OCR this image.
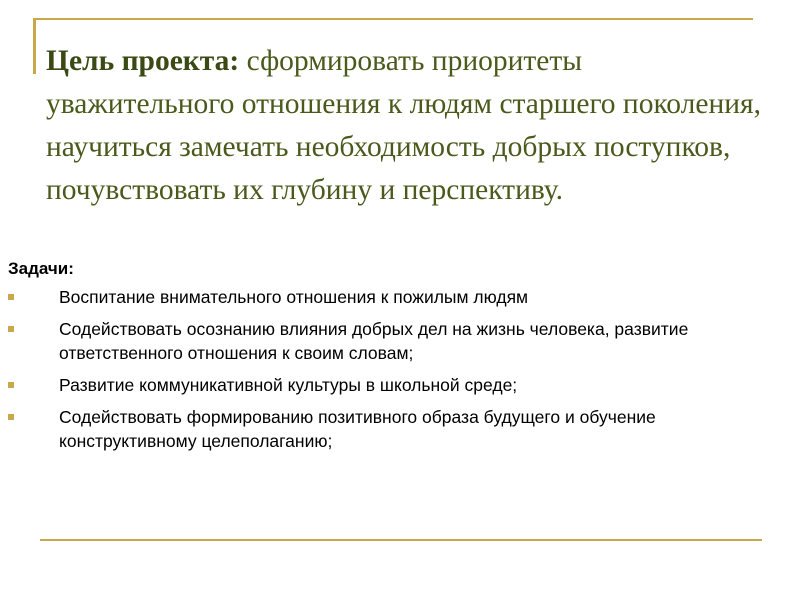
Цель проекта: сформировать приоритеты уважительного отношения к людям старшего поколения, научиться замечать необходимость добрых поступков, почувствовать их глубину и перспективу.
Задачи:
Воспитание внимательного отношения к пожилым людям
Содействовать осознанию влияния добрых дел на жизнь человека, развитие ответственного отношения к своим словам;
Развитие коммуникативной культуры в школьной среде;
Содействовать формированию позитивного образа будущего и обучение конструктивному целеполаганию;
